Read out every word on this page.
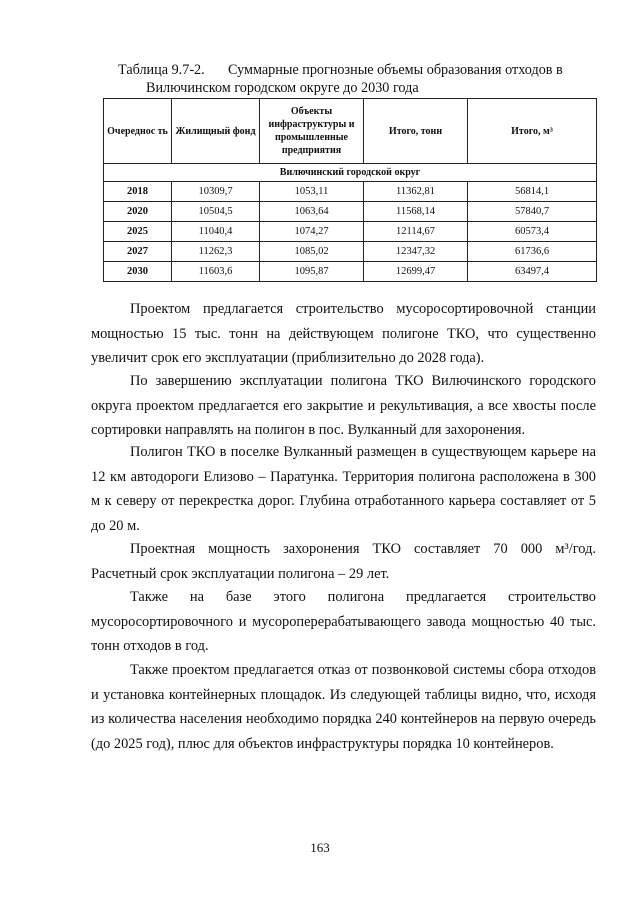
Таблица 9.7-2. Суммарные прогнозные объемы образования отходов в
Вилючинском городском округе до 2030 года
Очереднос ть	Жилищный фонд	Объекты инфраструктуры и промышленные предприятия	Итого, тонн	Итого, м³
Вилючинский городской округ				
2018	10309,7	1053,11	11362,81	56814,1
2020	10504,5	1063,64	11568,14	57840,7
2025	11040,4	1074,27	12114,67	60573,4
2027	11262,3	1085,02	12347,32	61736,6
2030	11603,6	1095,87	12699,47	63497,4

Проектом предлагается строительство мусоросортировочной станции мощностью 15 тыс. тонн на действующем полигоне ТКО, что существенно увеличит срок его эксплуатации (приблизительно до 2028 года).

По завершению эксплуатации полигона ТКО Вилючинского городского округа проектом предлагается его закрытие и рекультивация, а все хвосты после сортировки направлять на полигон в пос. Вулканный для захоронения.

Полигон ТКО в поселке Вулканный размещен в существующем карьере на 12 км автодороги Елизово – Паратунка. Территория полигона расположена в 300 м к северу от перекрестка дорог. Глубина отработанного карьера составляет от 5 до 20 м.

Проектная мощность захоронения ТКО составляет 70 000 м³/год. Расчетный срок эксплуатации полигона – 29 лет.

Также на базе этого полигона предлагается строительство мусоросортировочного и мусороперерабатывающего завода мощностью 40 тыс. тонн отходов в год.

Также проектом предлагается отказ от позвонковой системы сбора отходов и установка контейнерных площадок. Из следующей таблицы видно, что, исходя из количества населения необходимо порядка 240 контейнеров на первую очередь (до 2025 год), плюс для объектов инфраструктуры порядка 10 контейнеров.

163
